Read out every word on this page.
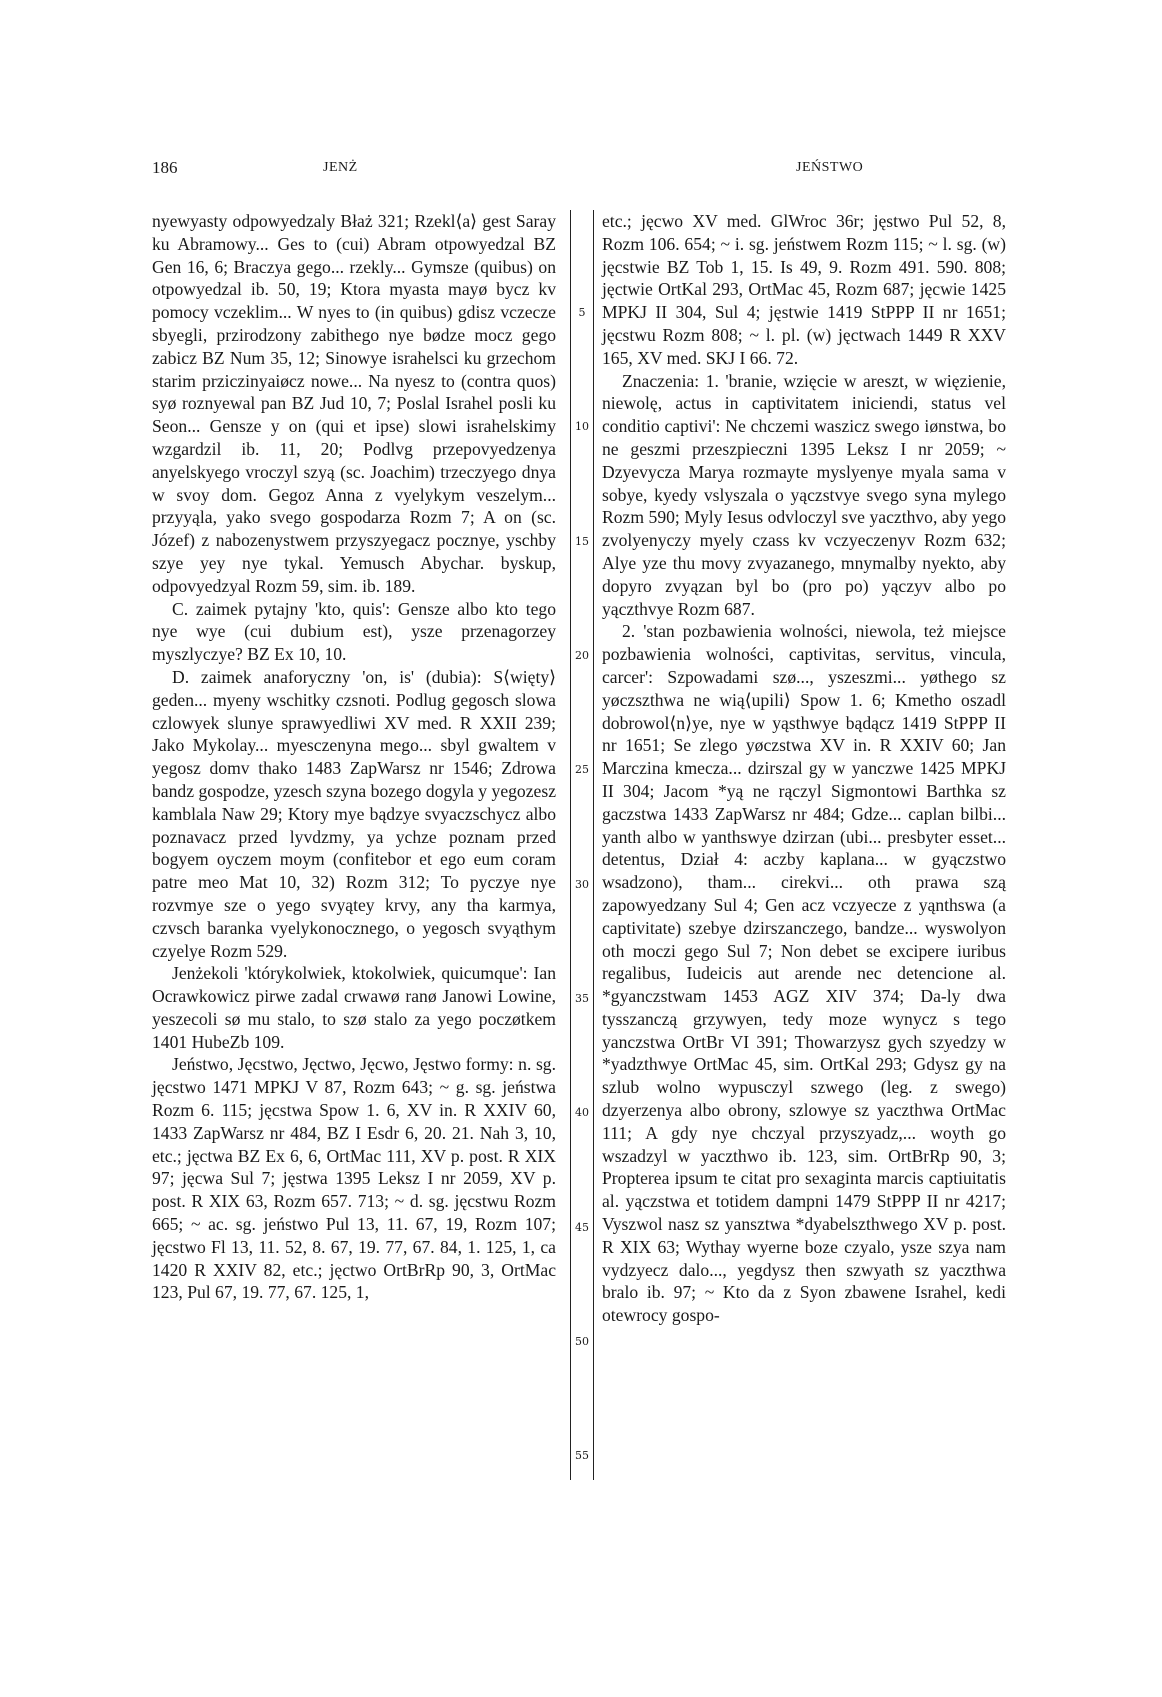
186	JENŻ	JEŃSTWO

nyewyasty odpowyedzaly Błaż 321; Rzekl⟨a⟩ gest Saray ku Abramowy... Ges to (cui) Abram otpowyedzal BZ Gen 16, 6; Braczya gego... rzekly... Gymsze (quibus) on otpowyedzal ib. 50, 19; Ktora myasta mayø bycz kv pomocy vczeklim... W nyes to (in quibus) gdisz vczecze sbyegli, przirodzony zabithego nye bødze mocz gego zabicz BZ Num 35, 12; Sinowye israhelsci ku grzechom starim prziczinyaiøcz nowe... Na nyesz to (contra quos) syø roznyewal pan BZ Jud 10, 7; Poslal Israhel posli ku Seon... Gensze y on (qui et ipse) slowi israhelskimy wzgardzil ib. 11, 20; Podlvg przepovyedzenya anyelskyego vroczyl szyą (sc. Joachim) trzeczyego dnya w svoy dom. Gegoz Anna z vyelykym veszelym... przyyąla, yako svego gospodarza Rozm 7; A on (sc. Józef) z nabozenystwem przyszyegacz pocznye, yschby szye yey nye tykal. Yemusch Abychar. byskup, odpovyedzyal Rozm 59, sim. ib. 189.

C. zaimek pytajny 'kto, quis': Gensze albo kto tego nye wye (cui dubium est), ysze przenagorzey myszlyczye? BZ Ex 10, 10.

D. zaimek anaforyczny 'on, is' (dubia): S⟨więty⟩ geden... myeny wschitky czsnoti. Podlug gegosch slowa czlowyek slunye sprawyedliwi XV med. R XXII 239; Jako Mykolay... myesczenyna mego... sbyl gwaltem v yegosz domv thako 1483 ZapWarsz nr 1546; Zdrowa bandz gospodze, yzesch szyna bozego dogyla y yegozesz kamblala Naw 29; Ktory mye bądzye svyaczschycz albo poznavacz przed lyvdzmy, ya ychze poznam przed bogyem oyczem moym (confitebor et ego eum coram patre meo Mat 10, 32) Rozm 312; To pyczye nye rozvmye sze o yego svyątey krvy, any tha karmya, czvsch baranka vyelykonocznego, o yegosch svyąthym czyelye Rozm 529.

Jenżekoli 'którykolwiek, ktokolwiek, quicumque': Ian Ocrawkowicz pirwe zadal crwawø ranø Janowi Lowine, yeszecoli sø mu stalo, to szø stalo za yego poczøtkem 1401 HubeZb 109.

Jeństwo, Jęcstwo, Jęctwo, Jęcwo, Jęstwo formy: n. sg. jęcstwo 1471 MPKJ V 87, Rozm 643; ~ g. sg. jeństwa Rozm 6. 115; jęcstwa Spow 1. 6, XV in. R XXIV 60, 1433 ZapWarsz nr 484, BZ I Esdr 6, 20. 21. Nah 3, 10, etc.; jęctwa BZ Ex 6, 6, OrtMac 111, XV p. post. R XIX 97; jęcwa Sul 7; jęstwa 1395 Leksz I nr 2059, XV p. post. R XIX 63, Rozm 657. 713; ~ d. sg. jęcstwu Rozm 665; ~ ac. sg. jeństwo Pul 13, 11. 67, 19, Rozm 107; jęcstwo Fl 13, 11. 52, 8. 67, 19. 77, 67. 84, 1. 125, 1, ca 1420 R XXIV 82, etc.; jęctwo OrtBrRp 90, 3, OrtMac 123, Pul 67, 19. 77, 67. 125, 1,

5
10
15
20
25
30
35
40
45
50
55

etc.; jęcwo XV med. GlWroc 36r; jęstwo Pul 52, 8, Rozm 106. 654; ~ i. sg. jeństwem Rozm 115; ~ l. sg. (w) jęcstwie BZ Tob 1, 15. Is 49, 9. Rozm 491. 590. 808; jęctwie OrtKal 293, OrtMac 45, Rozm 687; jęcwie 1425 MPKJ II 304, Sul 4; jęstwie 1419 StPPP II nr 1651; jęcstwu Rozm 808; ~ l. pl. (w) jęctwach 1449 R XXV 165, XV med. SKJ I 66. 72.

Znaczenia: 1. 'branie, wzięcie w areszt, w więzienie, niewolę, actus in captivitatem iniciendi, status vel conditio captivi': Ne chczemi waszicz swego iønstwa, bo ne geszmi przeszpieczni 1395 Leksz I nr 2059; ~ Dzyevycza Marya rozmayte myslyenye myala sama v sobye, kyedy vslyszala o yączstvye svego syna mylego Rozm 590; Myly Iesus odvloczyl sve yaczthvo, aby yego zvolyenyczy myely czass kv vczyeczenyv Rozm 632; Alye yze thu movy zvyazanego, mnymalby nyekto, aby dopyro zvyązan byl bo (pro po) yączyv albo po yączthvye Rozm 687.

2. 'stan pozbawienia wolności, niewola, też miejsce pozbawienia wolności, captivitas, servitus, vincula, carcer': Szpowadami szø..., yszeszmi... yøthego sz yøczszthwa ne wią⟨upili⟩ Spow 1. 6; Kmetho oszadl dobrowol⟨n⟩ye, nye w yąsthwye bądącz 1419 StPPP II nr 1651; Se zlego yøczstwa XV in. R XXIV 60; Jan Marczina kmecza... dzirszal gy w yanczwe 1425 MPKJ II 304; Jacom *yą ne rączyl Sigmontowi Barthka sz gaczstwa 1433 ZapWarsz nr 484; Gdze... caplan bilbi... yanth albo w yanthswye dzirzan (ubi... presbyter esset... detentus, Dział 4: aczby kaplana... w gyączstwo wsadzono), tham... cirekvi... oth prawa szą zapowyedzany Sul 4; Gen acz vczyecze z yąnthswa (a captivitate) szebye dzirszanczego, bandze... wyswolyon oth moczi gego Sul 7; Non debet se excipere iuribus regalibus, Iudeicis aut arende nec detencione al. *gyanczstwam 1453 AGZ XIV 374; Da-ly dwa tysszanczą grzywyen, tedy moze wynycz s tego yanczstwa OrtBr VI 391; Thowarzysz gych szyedzy w *yadzthwye OrtMac 45, sim. OrtKal 293; Gdysz gy na szlub wolno wypusczyl szwego (leg. z swego) dzyerzenya albo obrony, szlowye sz yaczthwa OrtMac 111; A gdy nye chczyal przyszyadz,... woyth go wszadzyl w yaczthwo ib. 123, sim. OrtBrRp 90, 3; Propterea ipsum te citat pro sexaginta marcis captiuitatis al. yączstwa et totidem dampni 1479 StPPP II nr 4217; Vyszwol nasz sz yansztwa *dyabelszthwego XV p. post. R XIX 63; Wythay wyerne boze czyalo, ysze szya nam vydzyecz dalo..., yegdysz then szwyath sz yaczthwa bralo ib. 97; ~ Kto da z Syon zbawene Israhel, kedi otewrocy gospo-
